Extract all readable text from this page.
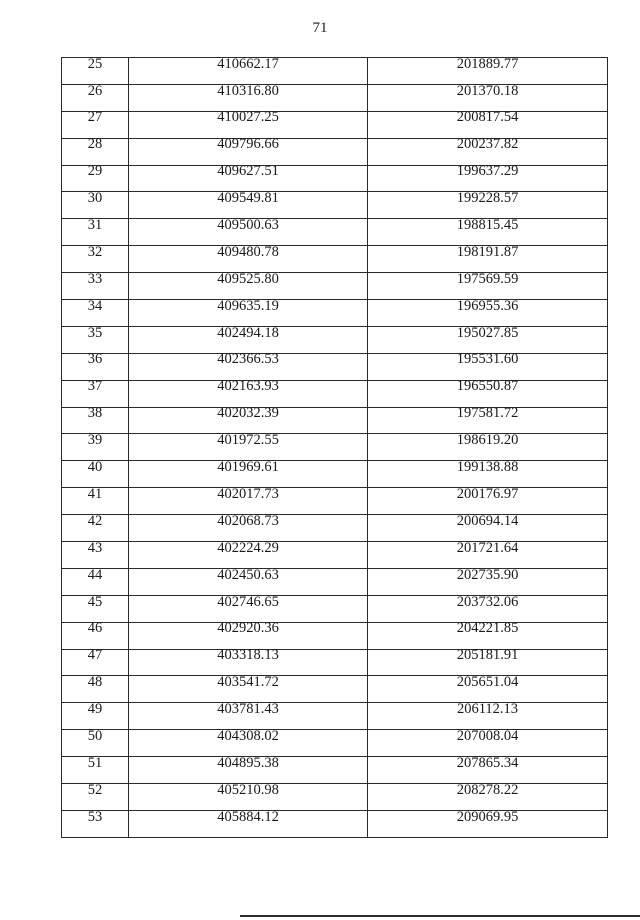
71
25	410662.17	201889.77
26	410316.80	201370.18
27	410027.25	200817.54
28	409796.66	200237.82
29	409627.51	199637.29
30	409549.81	199228.57
31	409500.63	198815.45
32	409480.78	198191.87
33	409525.80	197569.59
34	409635.19	196955.36
35	402494.18	195027.85
36	402366.53	195531.60
37	402163.93	196550.87
38	402032.39	197581.72
39	401972.55	198619.20
40	401969.61	199138.88
41	402017.73	200176.97
42	402068.73	200694.14
43	402224.29	201721.64
44	402450.63	202735.90
45	402746.65	203732.06
46	402920.36	204221.85
47	403318.13	205181.91
48	403541.72	205651.04
49	403781.43	206112.13
50	404308.02	207008.04
51	404895.38	207865.34
52	405210.98	208278.22
53	405884.12	209069.95
